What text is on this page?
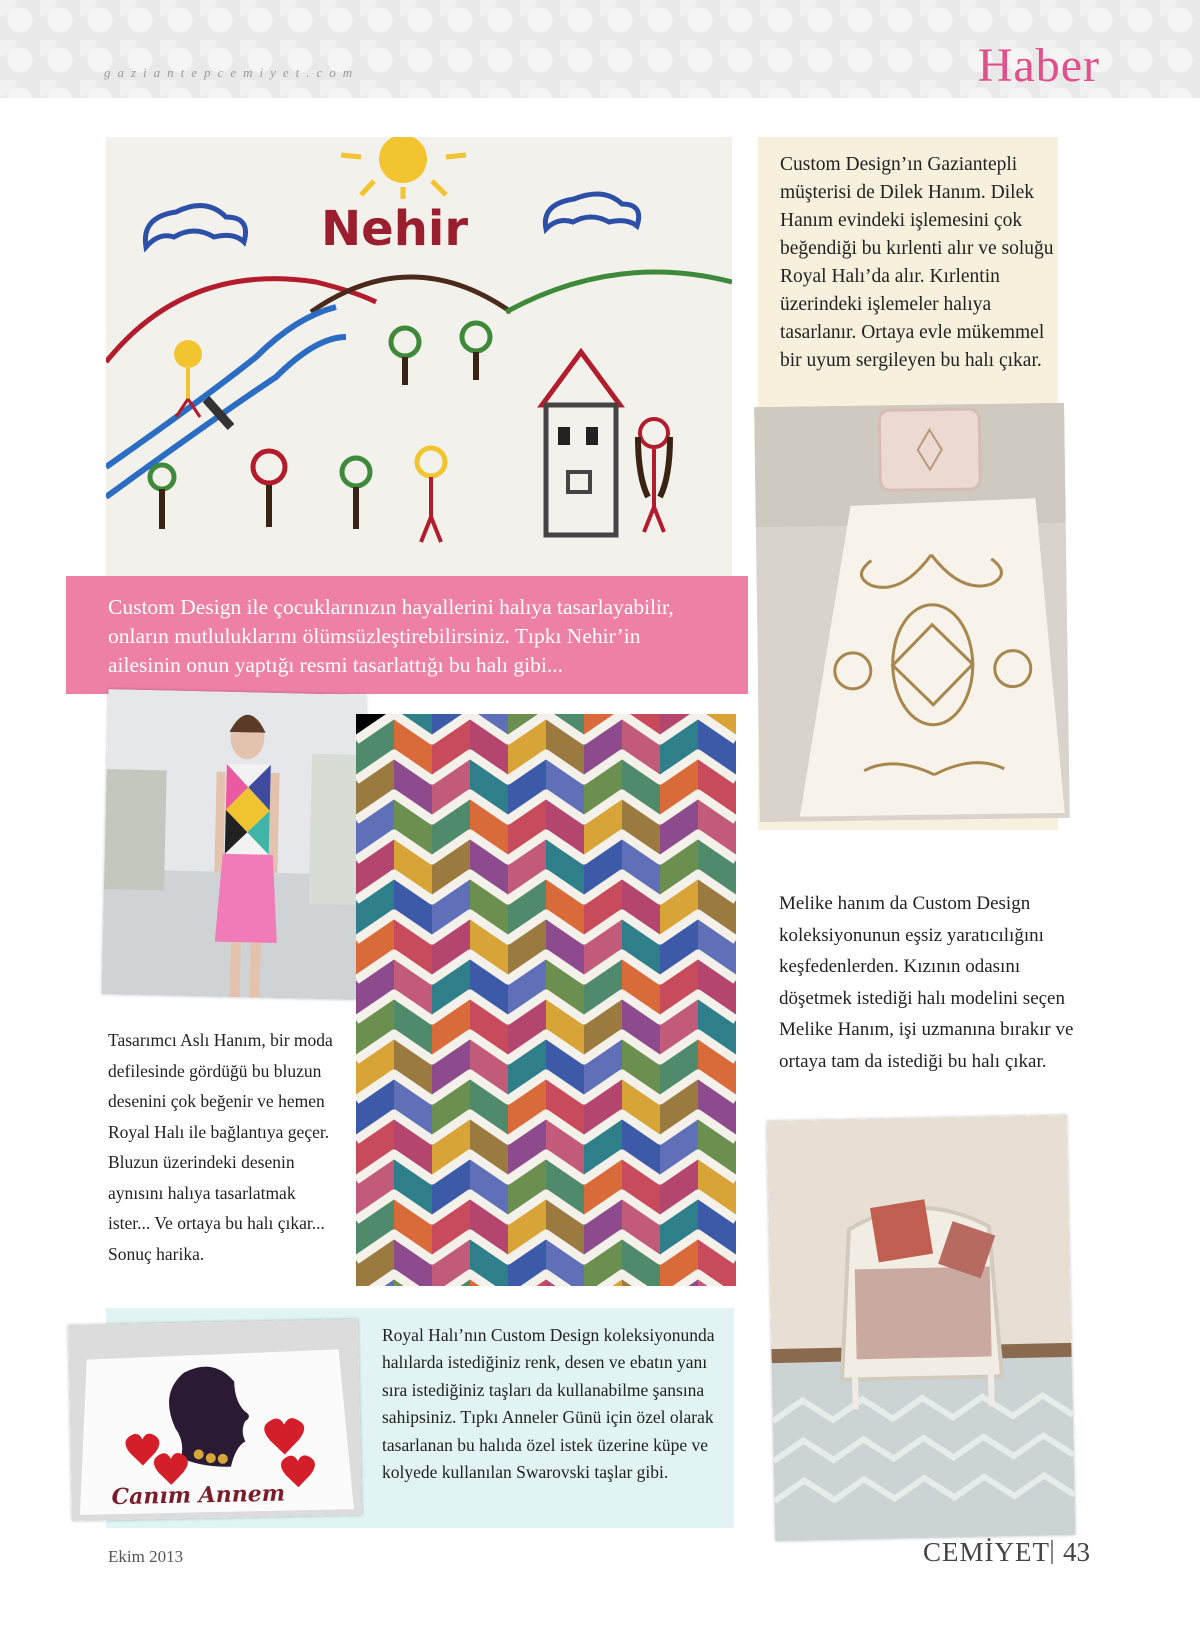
gaziantepcemiyet.com	Haber
Nehir
Custom Design ile çocuklarınızın hayallerini halıya tasarlayabilir, onların mutluluklarını ölümsüzleştirebilirsiniz. Tıpkı Nehir’in ailesinin onun yaptığı resmi tasarlattığı bu halı gibi...
Custom Design’ın Gaziantepli müşterisi de Dilek Hanım. Dilek Hanım evindeki işlemesini çok beğendiği bu kırlenti alır ve soluğu Royal Halı’da alır. Kırlentin üzerindeki işlemeler halıya tasarlanır. Ortaya evle mükemmel bir uyum sergileyen bu halı çıkar.
Tasarımcı Aslı Hanım, bir moda defilesinde gördüğü bu bluzun desenini çok beğenir ve hemen Royal Halı ile bağlantıya geçer. Bluzun üzerindeki desenin aynısını halıya tasarlatmak ister... Ve ortaya bu halı çıkar... Sonuç harika.
Melike hanım da Custom Design koleksiyonunun eşsiz yaratıcılığını keşfedenlerden. Kızının odasını döşetmek istediği halı modelini seçen Melike Hanım, işi uzmanına bırakır ve ortaya tam da istediği bu halı çıkar.
Canım Annem
Royal Halı’nın Custom Design koleksiyonunda halılarda istediğiniz renk, desen ve ebatın yanı sıra istediğiniz taşları da kullanabilme şansına sahipsiniz. Tıpkı Anneler Günü için özel olarak tasarlanan bu halıda özel istek üzerine küpe ve kolyede kullanılan Swarovski taşlar gibi.
Ekim 2013	CEMİYET 43
